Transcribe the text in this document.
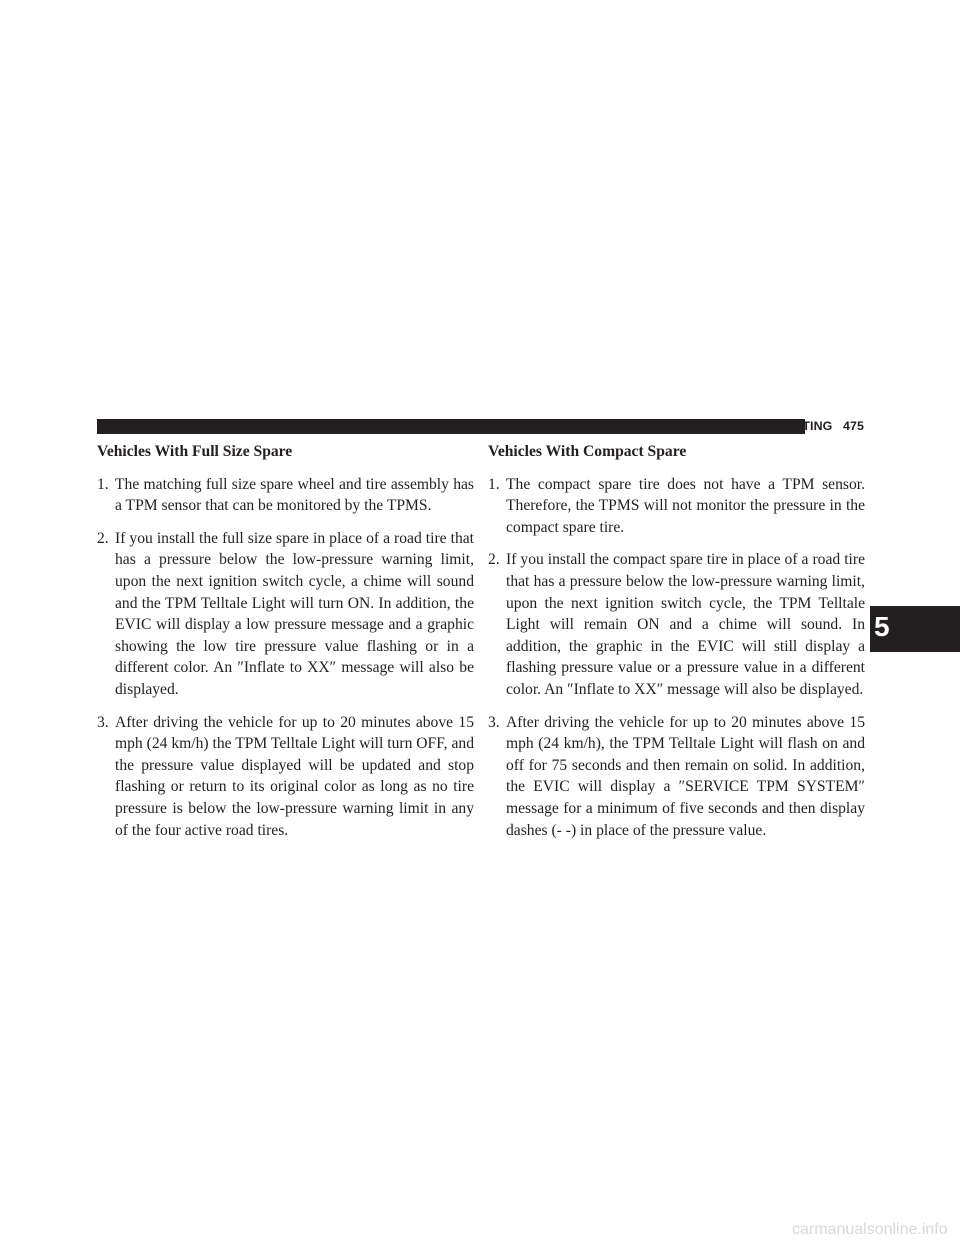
STARTING AND OPERATING 475
Vehicles With Full Size Spare
1. The matching full size spare wheel and tire assembly has a TPM sensor that can be monitored by the TPMS.
2. If you install the full size spare in place of a road tire that has a pressure below the low-pressure warning limit, upon the next ignition switch cycle, a chime will sound and the TPM Telltale Light will turn ON. In addition, the EVIC will display a low pressure message and a graphic showing the low tire pressure value flashing or in a different color. An ″Inflate to XX″ message will also be displayed.
3. After driving the vehicle for up to 20 minutes above 15 mph (24 km/h) the TPM Telltale Light will turn OFF, and the pressure value displayed will be updated and stop flashing or return to its original color as long as no tire pressure is below the low-pressure warning limit in any of the four active road tires.
Vehicles With Compact Spare
1. The compact spare tire does not have a TPM sensor. Therefore, the TPMS will not monitor the pressure in the compact spare tire.
2. If you install the compact spare tire in place of a road tire that has a pressure below the low-pressure warning limit, upon the next ignition switch cycle, the TPM Telltale Light will remain ON and a chime will sound. In addition, the graphic in the EVIC will still display a flashing pressure value or a pressure value in a different color. An ″Inflate to XX″ message will also be displayed.
3. After driving the vehicle for up to 20 minutes above 15 mph (24 km/h), the TPM Telltale Light will flash on and off for 75 seconds and then remain on solid. In addition, the EVIC will display a ″SERVICE TPM SYSTEM″ message for a minimum of five seconds and then display dashes (- -) in place of the pressure value.
5
carmanualsonline.info
